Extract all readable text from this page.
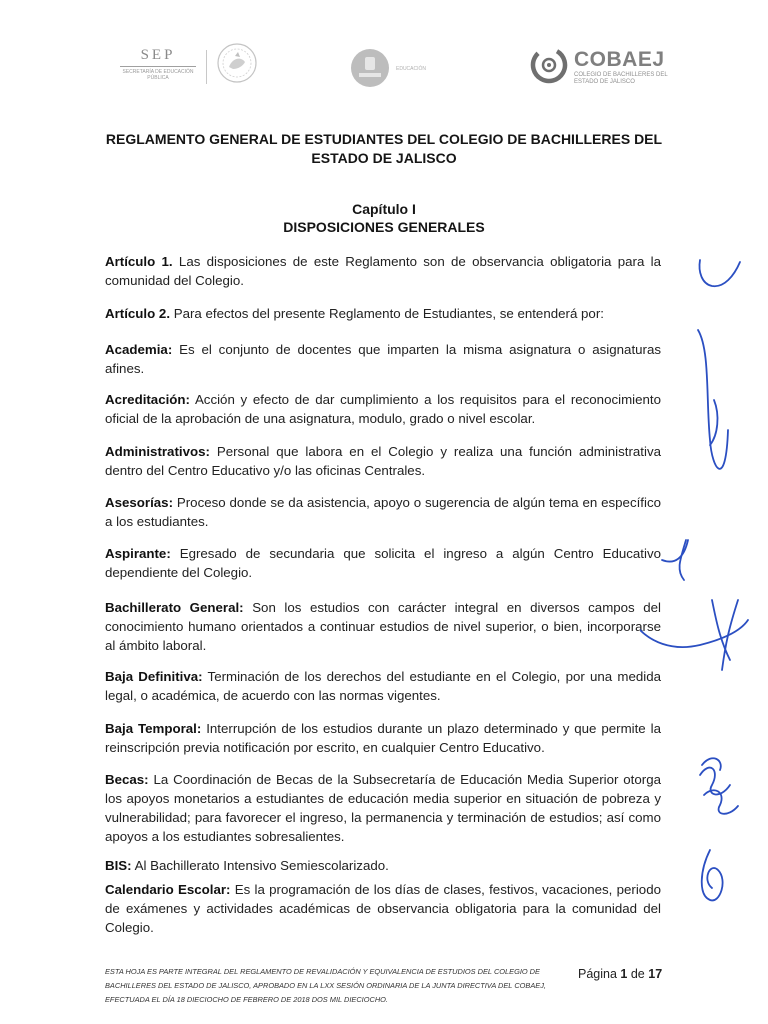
SEP
SECRETARÍA DE EDUCACIÓN PÚBLICA
EDUCACIÓN	COBAEJ
COLEGIO DE BACHILLERES DEL ESTADO DE JALISCO
REGLAMENTO GENERAL DE ESTUDIANTES DEL COLEGIO DE BACHILLERES DEL ESTADO DE JALISCO
Capítulo I
DISPOSICIONES GENERALES

Artículo 1. Las disposiciones de este Reglamento son de observancia obligatoria para la comunidad del Colegio.

Artículo 2. Para efectos del presente Reglamento de Estudiantes, se entenderá por:

Academia: Es el conjunto de docentes que imparten la misma asignatura o asignaturas afines.

Acreditación: Acción y efecto de dar cumplimiento a los requisitos para el reconocimiento oficial de la aprobación de una asignatura, modulo, grado o nivel escolar.

Administrativos: Personal que labora en el Colegio y realiza una función administrativa dentro del Centro Educativo y/o las oficinas Centrales.

Asesorías: Proceso donde se da asistencia, apoyo o sugerencia de algún tema en específico a los estudiantes.

Aspirante: Egresado de secundaria que solicita el ingreso a algún Centro Educativo dependiente del Colegio.

Bachillerato General: Son los estudios con carácter integral en diversos campos del conocimiento humano orientados a continuar estudios de nivel superior, o bien, incorporarse al ámbito laboral.

Baja Definitiva: Terminación de los derechos del estudiante en el Colegio, por una medida legal, o académica, de acuerdo con las normas vigentes.

Baja Temporal: Interrupción de los estudios durante un plazo determinado y que permite la reinscripción previa notificación por escrito, en cualquier Centro Educativo.

Becas: La Coordinación de Becas de la Subsecretaría de Educación Media Superior otorga los apoyos monetarios a estudiantes de educación media superior en situación de pobreza y vulnerabilidad; para favorecer el ingreso, la permanencia y terminación de estudios; así como apoyos a los estudiantes sobresalientes.

BIS: Al Bachillerato Intensivo Semiescolarizado.

Calendario Escolar: Es la programación de los días de clases, festivos, vacaciones, periodo de exámenes y actividades académicas de observancia obligatoria para la comunidad del Colegio.

ESTA HOJA ES PARTE INTEGRAL DEL REGLAMENTO DE REVALIDACIÓN Y EQUIVALENCIA DE ESTUDIOS DEL COLEGIO DE BACHILLERES DEL ESTADO DE JALISCO, APROBADO EN LA LXX SESIÓN ORDINARIA DE LA JUNTA DIRECTIVA DEL COBAEJ, EFECTUADA EL DÍA 18 DIECIOCHO DE FEBRERO DE 2018 DOS MIL DIECIOCHO.
Página 1 de 17
